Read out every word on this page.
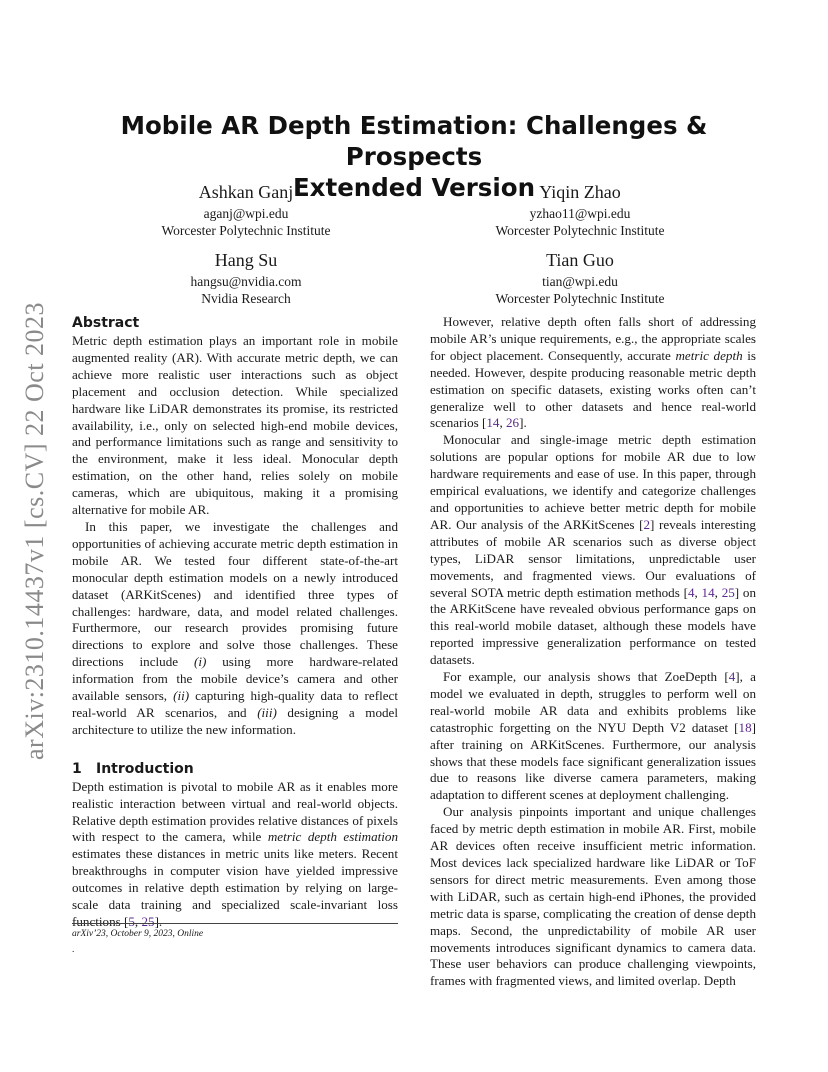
arXiv:2310.14437v1 [cs.CV] 22 Oct 2023
Mobile AR Depth Estimation: Challenges & Prospects
Extended Version
Ashkan Ganj
aganj@wpi.edu
Worcester Polytechnic Institute
Yiqin Zhao
yzhao11@wpi.edu
Worcester Polytechnic Institute
Hang Su
hangsu@nvidia.com
Nvidia Research
Tian Guo
tian@wpi.edu
Worcester Polytechnic Institute
Abstract

Metric depth estimation plays an important role in mobile augmented reality (AR). With accurate metric depth, we can achieve more realistic user interactions such as object placement and occlusion detection. While specialized hardware like LiDAR demonstrates its promise, its restricted availability, i.e., only on selected high-end mobile devices, and performance limitations such as range and sensitivity to the environment, make it less ideal. Monocular depth estimation, on the other hand, relies solely on mobile cameras, which are ubiquitous, making it a promising alternative for mobile AR.

In this paper, we investigate the challenges and opportunities of achieving accurate metric depth estimation in mobile AR. We tested four different state-of-the-art monocular depth estimation models on a newly introduced dataset (ARKitScenes) and identified three types of challenges: hardware, data, and model related challenges. Furthermore, our research provides promising future directions to explore and solve those challenges. These directions include (i) using more hardware-related information from the mobile device’s camera and other available sensors, (ii) capturing high-quality data to reflect real-world AR scenarios, and (iii) designing a model architecture to utilize the new information.

1 Introduction

Depth estimation is pivotal to mobile AR as it enables more realistic interaction between virtual and real-world objects. Relative depth estimation provides relative distances of pixels with respect to the camera, while metric depth estimation estimates these distances in metric units like meters. Recent breakthroughs in computer vision have yielded impressive outcomes in relative depth estimation by relying on large-scale data training and specialized scale-invariant loss functions [5, 25].

arXiv’23, October 9, 2023, Online
.

However, relative depth often falls short of addressing mobile AR’s unique requirements, e.g., the appropriate scales for object placement. Consequently, accurate metric depth is needed. However, despite producing reasonable metric depth estimation on specific datasets, existing works often can’t generalize well to other datasets and hence real-world scenarios [14, 26].

Monocular and single-image metric depth estimation solutions are popular options for mobile AR due to low hardware requirements and ease of use. In this paper, through empirical evaluations, we identify and categorize challenges and opportunities to achieve better metric depth for mobile AR. Our analysis of the ARKitScenes [2] reveals interesting attributes of mobile AR scenarios such as diverse object types, LiDAR sensor limitations, unpredictable user movements, and fragmented views. Our evaluations of several SOTA metric depth estimation methods [4, 14, 25] on the ARKitScene have revealed obvious performance gaps on this real-world mobile dataset, although these models have reported impressive generalization performance on tested datasets.

For example, our analysis shows that ZoeDepth [4], a model we evaluated in depth, struggles to perform well on real-world mobile AR data and exhibits problems like catastrophic forgetting on the NYU Depth V2 dataset [18] after training on ARKitScenes. Furthermore, our analysis shows that these models face significant generalization issues due to reasons like diverse camera parameters, making adaptation to different scenes at deployment challenging.

Our analysis pinpoints important and unique challenges faced by metric depth estimation in mobile AR. First, mobile AR devices often receive insufficient metric information. Most devices lack specialized hardware like LiDAR or ToF sensors for direct metric measurements. Even among those with LiDAR, such as certain high-end iPhones, the provided metric data is sparse, complicating the creation of dense depth maps. Second, the unpredictability of mobile AR user movements introduces significant dynamics to camera data. These user behaviors can produce challenging viewpoints, frames with fragmented views, and limited overlap. Depth
